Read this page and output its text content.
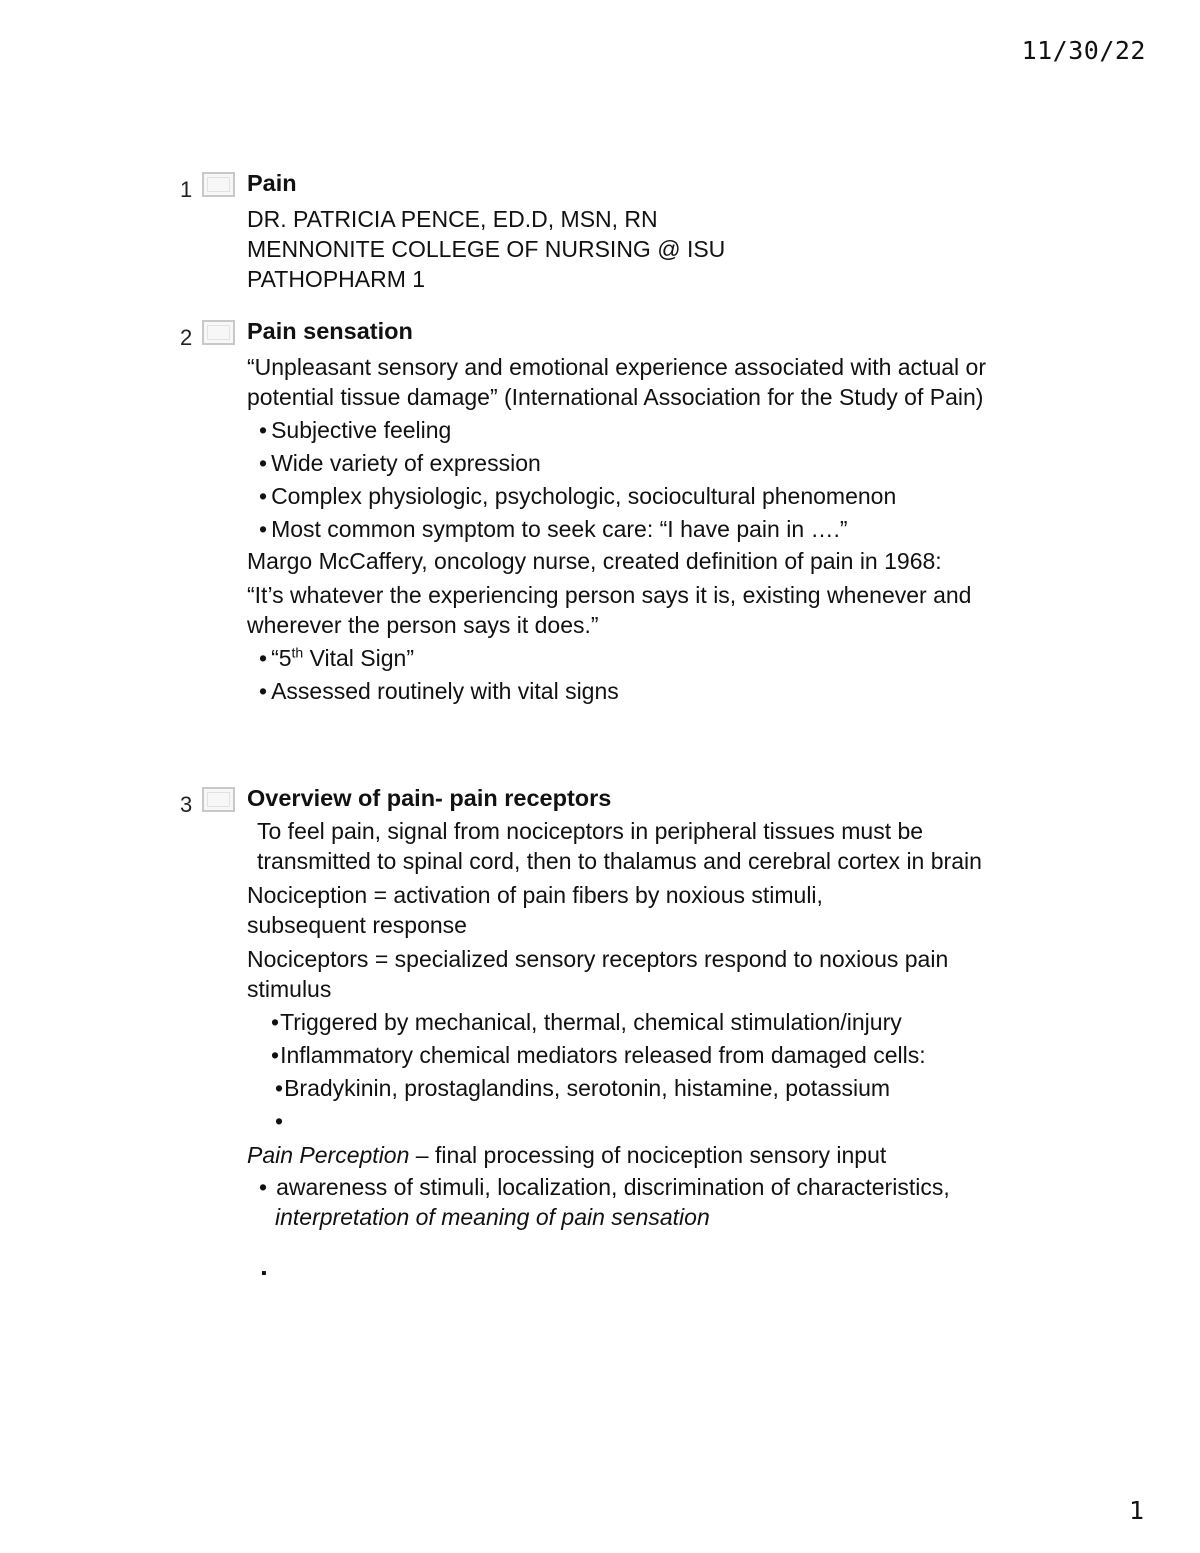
11/30/22
1 Pain

DR. PATRICIA PENCE, ED.D, MSN, RN

MENNONITE COLLEGE OF NURSING @ ISU

PATHOPHARM 1

2 Pain sensation

“Unpleasant sensory and emotional experience associated with actual or potential tissue damage” (International Association for the Study of Pain)

• Subjective feeling

• Wide variety of expression

• Complex physiologic, psychologic, sociocultural phenomenon

• Most common symptom to seek care: “I have pain in ….”

Margo McCaffery, oncology nurse, created definition of pain in 1968:

“It’s whatever the experiencing person says it is, existing whenever and wherever the person says it does.”

• “5th Vital Sign”

• Assessed routinely with vital signs

3 Overview of pain- pain receptors

To feel pain, signal from nociceptors in peripheral tissues must be transmitted to spinal cord, then to thalamus and cerebral cortex in brain

Nociception = activation of pain fibers by noxious stimuli, subsequent response

Nociceptors = specialized sensory receptors respond to noxious pain stimulus

• Triggered by mechanical, thermal, chemical stimulation/injury

• Inflammatory chemical mediators released from damaged cells:

• Bradykinin, prostaglandins, serotonin, histamine, potassium

•

Pain Perception – final processing of nociception sensory input

• awareness of stimuli, localization, discrimination of characteristics, interpretation of meaning of pain sensation

▪

1
